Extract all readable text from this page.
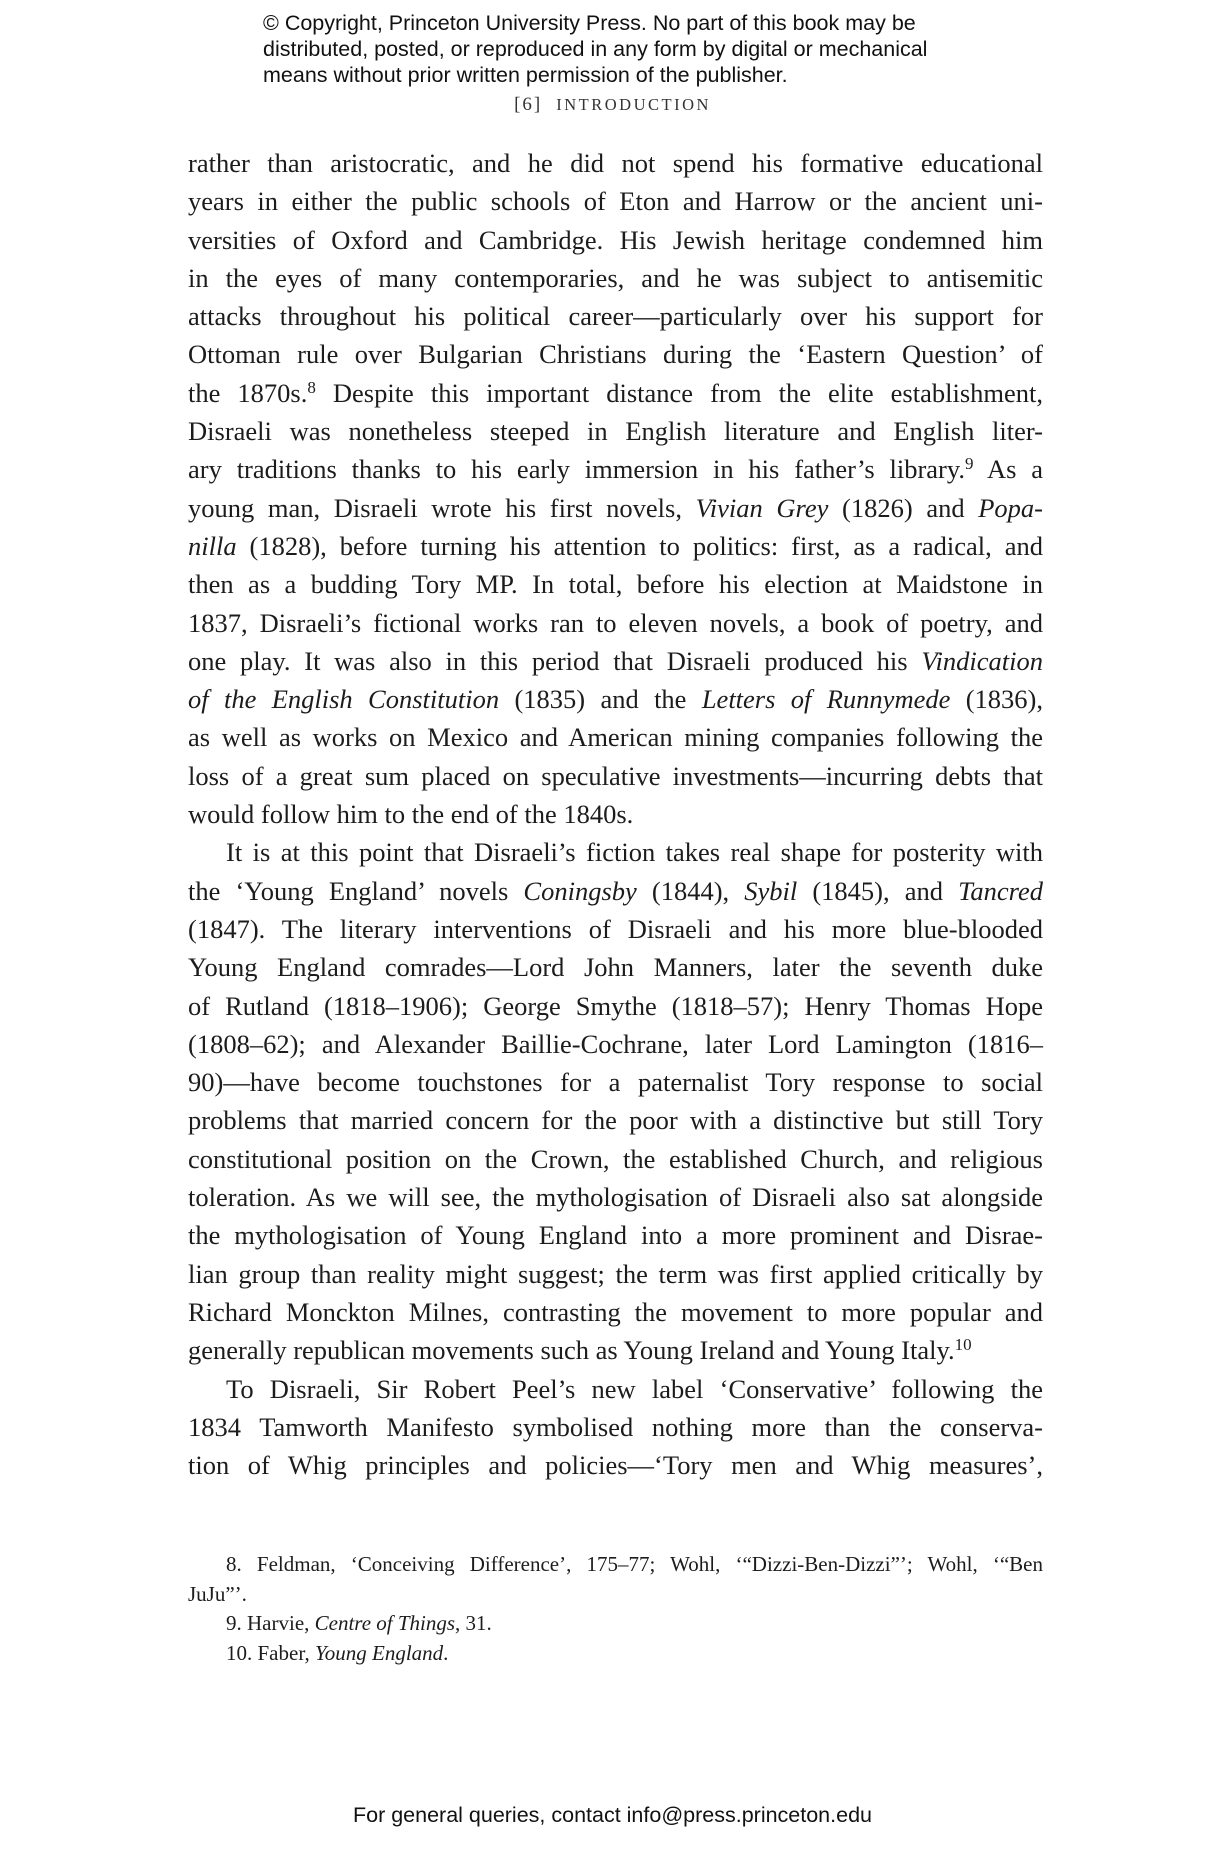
© Copyright, Princeton University Press. No part of this book may be
distributed, posted, or reproduced in any form by digital or mechanical
means without prior written permission of the publisher.
[6] INTRODUCTION
rather than aristocratic, and he did not spend his formative educational
years in either the public schools of Eton and Harrow or the ancient uni-
versities of Oxford and Cambridge. His Jewish heritage condemned him
in the eyes of many contemporaries, and he was subject to antisemitic
attacks throughout his political career—particularly over his support for
Ottoman rule over Bulgarian Christians during the ‘Eastern Question’ of
the 1870s.$^8$ Despite this important distance from the elite establishment,
Disraeli was nonetheless steeped in English literature and English liter-
ary traditions thanks to his early immersion in his father’s library.$^9$ As a
young man, Disraeli wrote his first novels, Vivian Grey (1826) and Popa-
nilla (1828), before turning his attention to politics: first, as a radical, and
then as a budding Tory MP. In total, before his election at Maidstone in
1837, Disraeli’s fictional works ran to eleven novels, a book of poetry, and
one play. It was also in this period that Disraeli produced his Vindication
of the English Constitution (1835) and the Letters of Runnymede (1836),
as well as works on Mexico and American mining companies following the
loss of a great sum placed on speculative investments—incurring debts that
would follow him to the end of the 1840s.
It is at this point that Disraeli’s fiction takes real shape for posterity with
the ‘Young England’ novels Coningsby (1844), Sybil (1845), and Tancred
(1847). The literary interventions of Disraeli and his more blue-blooded
Young England comrades—Lord John Manners, later the seventh duke
of Rutland (1818–1906); George Smythe (1818–57); Henry Thomas Hope
(1808–62); and Alexander Baillie-Cochrane, later Lord Lamington (1816–
90)—have become touchstones for a paternalist Tory response to social
problems that married concern for the poor with a distinctive but still Tory
constitutional position on the Crown, the established Church, and religious
toleration. As we will see, the mythologisation of Disraeli also sat alongside
the mythologisation of Young England into a more prominent and Disrae-
lian group than reality might suggest; the term was first applied critically by
Richard Monckton Milnes, contrasting the movement to more popular and
generally republican movements such as Young Ireland and Young Italy.$^{10}$
To Disraeli, Sir Robert Peel’s new label ‘Conservative’ following the
1834 Tamworth Manifesto symbolised nothing more than the conserva-
tion of Whig principles and policies—‘Tory men and Whig measures’,
8. Feldman, ‘Conceiving Difference’, 175–77; Wohl, ‘“Dizzi-Ben-Dizzi”’; Wohl, ‘“Ben
JuJu”’.
9. Harvie, Centre of Things, 31.
10. Faber, Young England.
For general queries, contact info@press.princeton.edu
